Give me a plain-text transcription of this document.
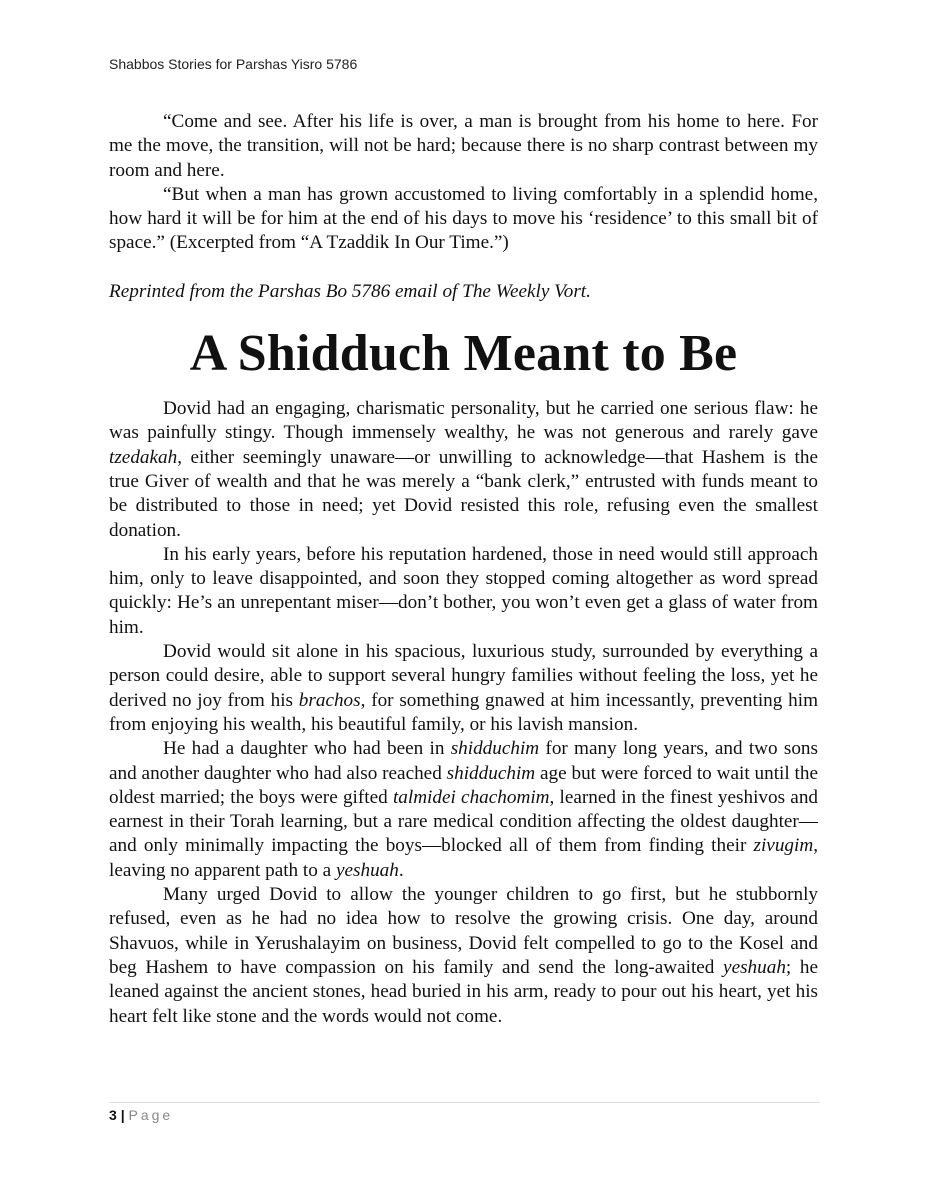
Shabbos Stories for Parshas Yisro 5786

“Come and see. After his life is over, a man is brought from his home to here. For me the move, the transition, will not be hard; because there is no sharp contrast between my room and here.

“But when a man has grown accustomed to living comfortably in a splendid home, how hard it will be for him at the end of his days to move his ‘residence’ to this small bit of space.” (Excerpted from “A Tzaddik In Our Time.”)

Reprinted from the Parshas Bo 5786 email of The Weekly Vort.

A Shidduch Meant to Be

Dovid had an engaging, charismatic personality, but he carried one serious flaw: he was painfully stingy. Though immensely wealthy, he was not generous and rarely gave tzedakah, either seemingly unaware—or unwilling to acknowledge—that Hashem is the true Giver of wealth and that he was merely a “bank clerk,” entrusted with funds meant to be distributed to those in need; yet Dovid resisted this role, refusing even the smallest donation.

In his early years, before his reputation hardened, those in need would still approach him, only to leave disappointed, and soon they stopped coming altogether as word spread quickly: He’s an unrepentant miser—don’t bother, you won’t even get a glass of water from him.

Dovid would sit alone in his spacious, luxurious study, surrounded by everything a person could desire, able to support several hungry families without feeling the loss, yet he derived no joy from his brachos, for something gnawed at him incessantly, preventing him from enjoying his wealth, his beautiful family, or his lavish mansion.

He had a daughter who had been in shidduchim for many long years, and two sons and another daughter who had also reached shidduchim age but were forced to wait until the oldest married; the boys were gifted talmidei chachomim, learned in the finest yeshivos and earnest in their Torah learning, but a rare medical condition affecting the oldest daughter—and only minimally impacting the boys—blocked all of them from finding their zivugim, leaving no apparent path to a yeshuah.

Many urged Dovid to allow the younger children to go first, but he stubbornly refused, even as he had no idea how to resolve the growing crisis. One day, around Shavuos, while in Yerushalayim on business, Dovid felt compelled to go to the Kosel and beg Hashem to have compassion on his family and send the long-awaited yeshuah; he leaned against the ancient stones, head buried in his arm, ready to pour out his heart, yet his heart felt like stone and the words would not come.

3 | Page
